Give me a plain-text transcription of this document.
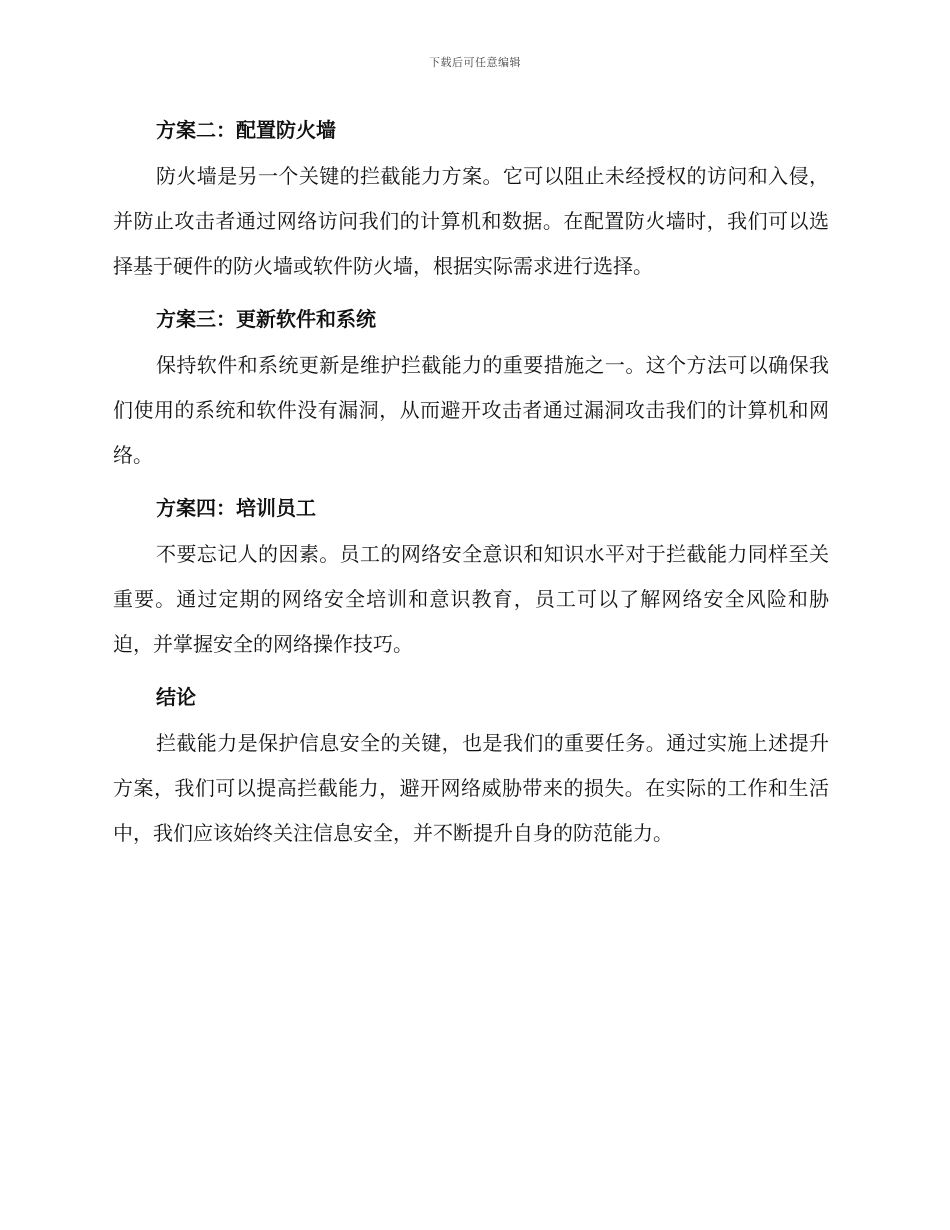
下载后可任意编辑
方案二：配置防火墙

防火墙是另一个关键的拦截能力方案。它可以阻止未经授权的访问和入侵，并防止攻击者通过网络访问我们的计算机和数据。在配置防火墙时，我们可以选择基于硬件的防火墙或软件防火墙，根据实际需求进行选择。

方案三：更新软件和系统

保持软件和系统更新是维护拦截能力的重要措施之一。这个方法可以确保我们使用的系统和软件没有漏洞，从而避开攻击者通过漏洞攻击我们的计算机和网络。

方案四：培训员工

不要忘记人的因素。员工的网络安全意识和知识水平对于拦截能力同样至关重要。通过定期的网络安全培训和意识教育，员工可以了解网络安全风险和胁迫，并掌握安全的网络操作技巧。

结论

拦截能力是保护信息安全的关键，也是我们的重要任务。通过实施上述提升方案，我们可以提高拦截能力，避开网络威胁带来的损失。在实际的工作和生活中，我们应该始终关注信息安全，并不断提升自身的防范能力。
